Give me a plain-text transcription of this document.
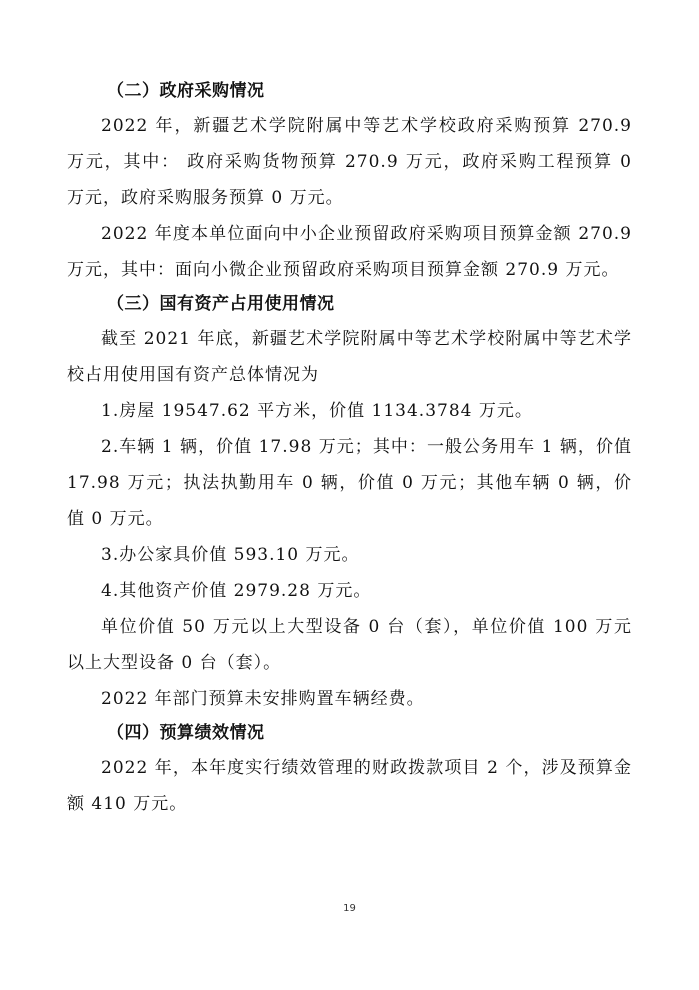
（二）政府采购情况

2022 年，新疆艺术学院附属中等艺术学校政府采购预算 270.9 万元，其中： 政府采购货物预算 270.9 万元，政府采购工程预算 0 万元，政府采购服务预算 0 万元。

2022 年度本单位面向中小企业预留政府采购项目预算金额 270.9 万元，其中：面向小微企业预留政府采购项目预算金额 270.9 万元。

（三）国有资产占用使用情况

截至 2021 年底，新疆艺术学院附属中等艺术学校附属中等艺术学校占用使用国有资产总体情况为

1.房屋 19547.62 平方米，价值 1134.3784 万元。

2.车辆 1 辆，价值 17.98 万元；其中：一般公务用车 1 辆，价值 17.98 万元；执法执勤用车 0 辆，价值 0 万元；其他车辆 0 辆，价值 0 万元。

3.办公家具价值 593.10 万元。

4.其他资产价值 2979.28 万元。

单位价值 50 万元以上大型设备 0 台（套），单位价值 100 万元以上大型设备 0 台（套）。

2022 年部门预算未安排购置车辆经费。

（四）预算绩效情况

2022 年，本年度实行绩效管理的财政拨款项目 2 个，涉及预算金额 410 万元。

19
